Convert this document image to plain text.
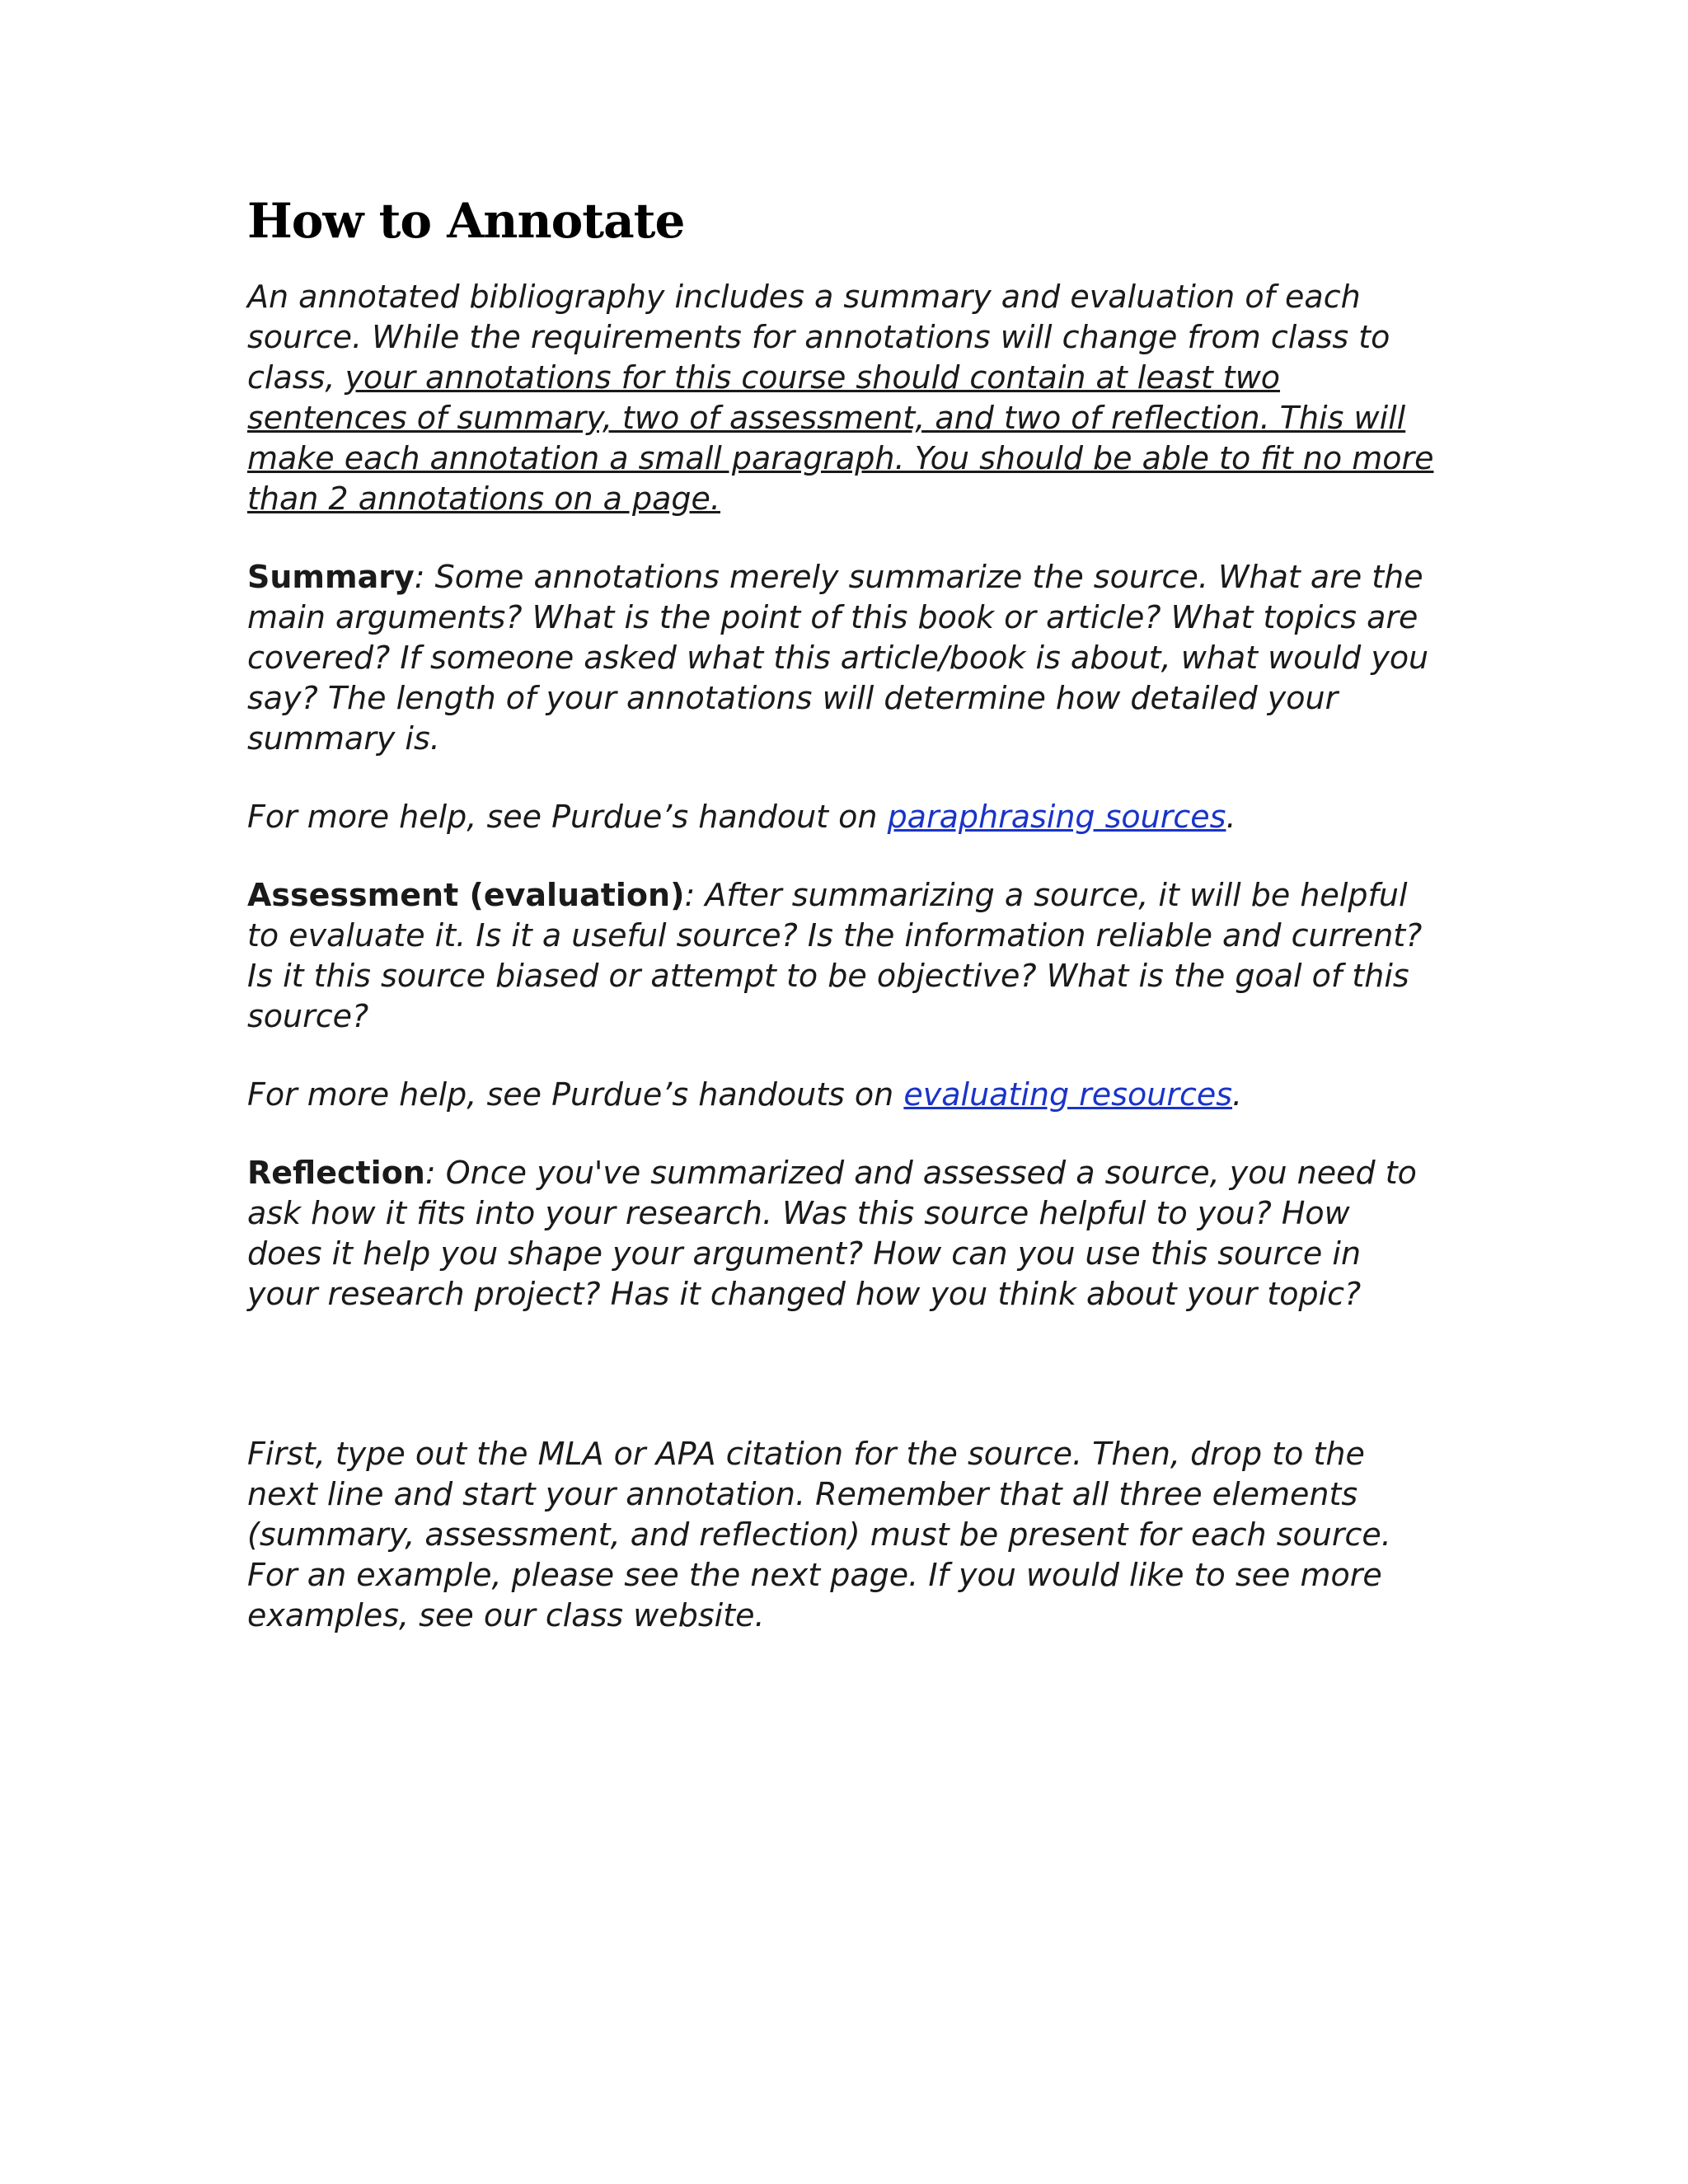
How to Annotate

An annotated bibliography includes a summary and evaluation of each source. While the requirements for annotations will change from class to class, your annotations for this course should contain at least two sentences of summary, two of assessment, and two of reflection. This will make each annotation a small paragraph. You should be able to fit no more than 2 annotations on a page.

Summary: Some annotations merely summarize the source. What are the main arguments? What is the point of this book or article? What topics are covered? If someone asked what this article/book is about, what would you say? The length of your annotations will determine how detailed your summary is.

For more help, see Purdue’s handout on paraphrasing sources.

Assessment (evaluation): After summarizing a source, it will be helpful to evaluate it. Is it a useful source? Is the information reliable and current? Is it this source biased or attempt to be objective? What is the goal of this source?

For more help, see Purdue’s handouts on evaluating resources.

Reflection: Once you've summarized and assessed a source, you need to ask how it fits into your research. Was this source helpful to you? How does it help you shape your argument? How can you use this source in your research project? Has it changed how you think about your topic?

First, type out the MLA or APA citation for the source. Then, drop to the next line and start your annotation. Remember that all three elements (summary, assessment, and reflection) must be present for each source. For an example, please see the next page. If you would like to see more examples, see our class website.
